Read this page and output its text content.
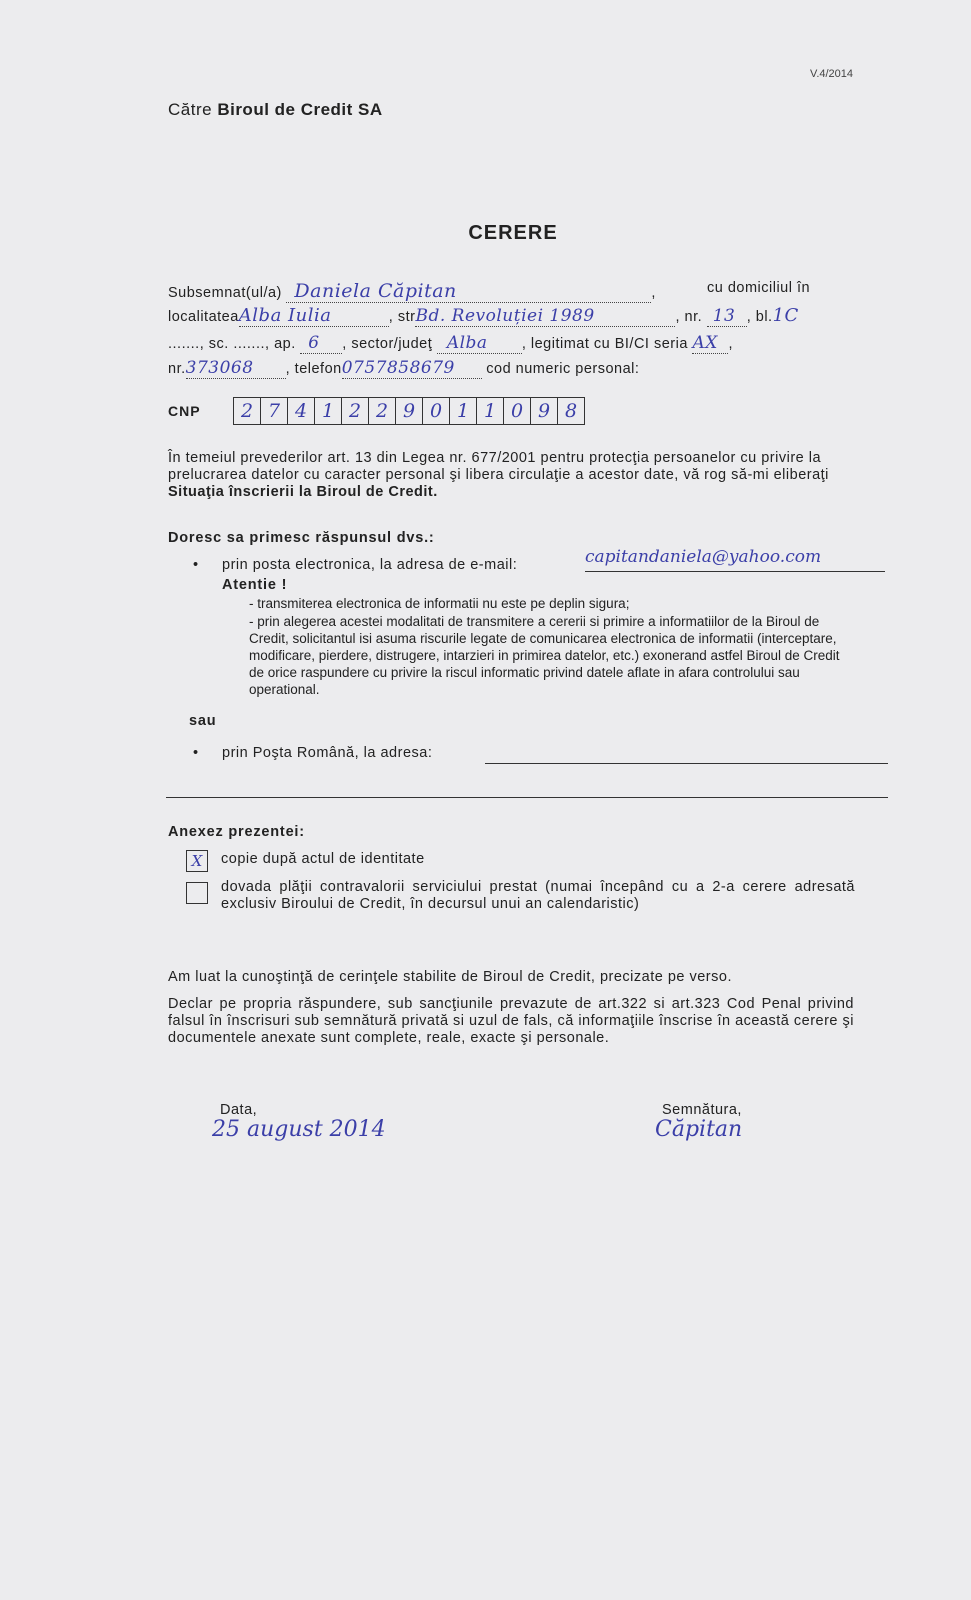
V.4/2014
Către Biroul de Credit SA
CERERE
Subsemnat(ul/a) Daniela Căpitan	,	cu domiciliul în
localitateaAlba Iulia	, strBd. Revoluției 1989	, nr. 13 , bl.1C
......., sc. ......., ap. 6 , sector/judeţ Alba , legitimat cu BI/CI seria AX ,
nr.373068 , telefon0757858679 cod numeric personal:
CNP	2 7 4 1 2 2 9 0 1 1 0 9 8
În temeiul prevederilor art. 13 din Legea nr. 677/2001 pentru protecţia persoanelor cu privire la prelucrarea datelor cu caracter personal şi libera circulaţie a acestor date, vă rog să-mi eliberaţi Situaţia înscrierii la Biroul de Credit.
Doresc sa primesc răspunsul dvs.:
• prin posta electronica, la adresa de e-mail:	capitandaniela@yahoo.com
Atentie !
- transmiterea electronica de informatii nu este pe deplin sigura;
- prin alegerea acestei modalitati de transmitere a cererii si primire a informatiilor de la Biroul de Credit, solicitantul isi asuma riscurile legate de comunicarea electronica de informatii (interceptare, modificare, pierdere, distrugere, intarzieri in primirea datelor, etc.) exonerand astfel Biroul de Credit de orice raspundere cu privire la riscul informatic privind datele aflate in afara controlului sau operational.
sau
• prin Poşta Română, la adresa:
Anexez prezentei:
X copie după actul de identitate
dovada plăţii contravalorii serviciului prestat (numai începând cu a 2-a cerere adresată exclusiv Biroului de Credit, în decursul unui an calendaristic)
Am luat la cunoştinţă de cerinţele stabilite de Biroul de Credit, precizate pe verso.
Declar pe propria răspundere, sub sancţiunile prevazute de art.322 si art.323 Cod Penal privind falsul în înscrisuri sub semnătură privată si uzul de fals, că informaţiile înscrise în această cerere şi documentele anexate sunt complete, reale, exacte şi personale.
Data,
25 august 2014
Semnătura,
Căpitan
